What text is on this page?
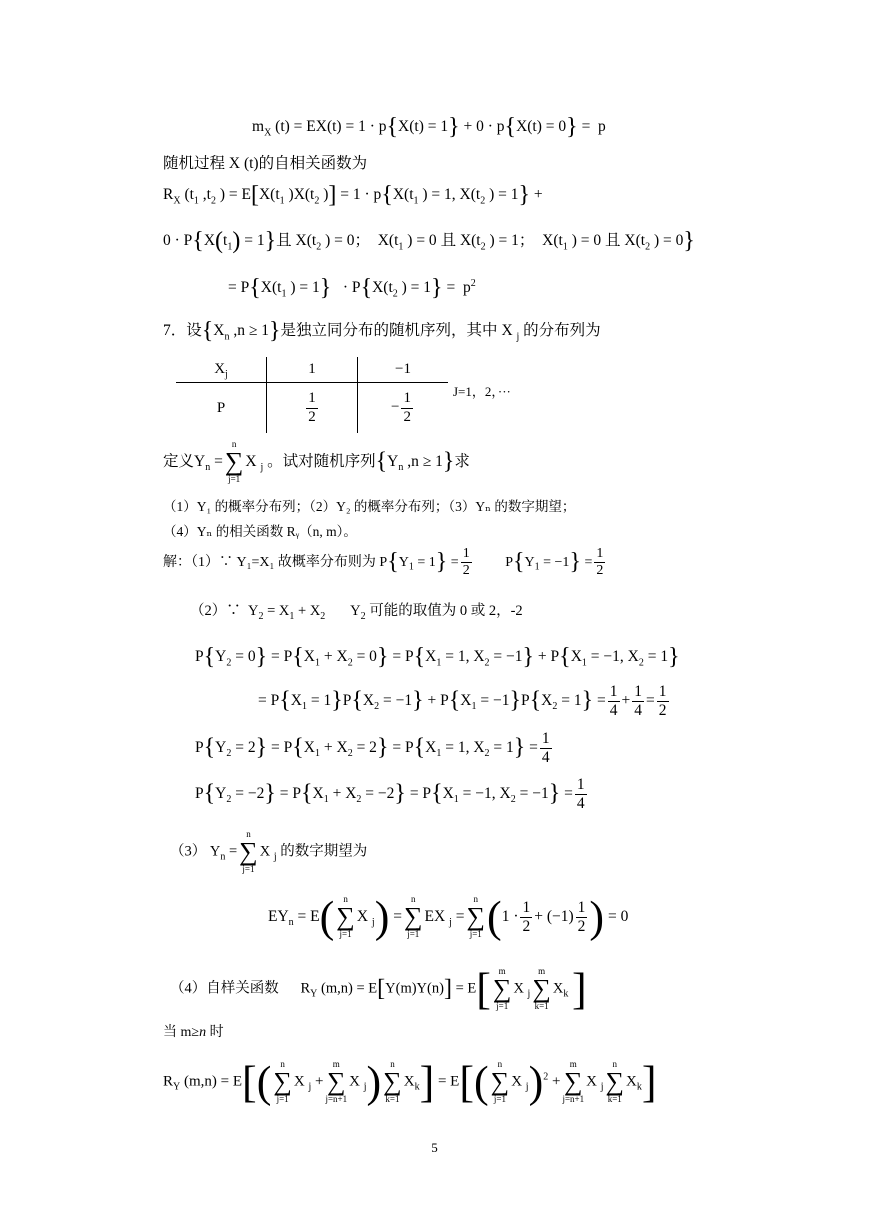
$m_X$ (t) = EX(t) = 1 · p{X(t) = 1} + 0 · p{X(t) = 0} =  p
随机过程 X (t)的自相关函数为
$R_X$ ($t_1$ $,t_2$ ) = $E[X(t_1$ )$X(t_2$ )] = $1 \cdot p\{X(t_1$ ) = 1, $X(t_2$ ) = 1} +
$0 \cdot P\{X(t_1) = 1\}$且 $X(t_2$ ) = 0；  $X(t_1$ ) = 0 且 $X(t_2$ ) = 1；  $X(t_1$ ) = 0 且 $X(t_2$ ) = 0}
= $P\{X(t_1$ ) = $1\} \cdot P\{X(t_2$ ) = $1\} = p^2$
7．设{$X_n$ ,n ≥ 1}是独立同分布的随机序列，其中 X $_j$ 的分布列为
$X_j$	1	−1
P	$\frac{1}{2}$	− $\frac{1}{2}$	J=1，2，···
定义$Y_n$ =
n
∑
j=1
X $_j$ 。试对随机序列{$Y_n$ ,n ≥ 1}求
（1）Y₁ 的概率分布列；（2）Y₂ 的概率分布列；（3）Yₙ 的数字期望；
（4）Yₙ 的相关函数 Rᵧ（n, m）。
解：（1）∵ Y₁=X₁ 故概率分布则为 $P\{Y_1 = 1\} = \frac{1}{2} P\{Y_1 = -1\} = \frac{1}{2}$
（2）∵  $Y_2 = X_1 + X_2$       $Y_2$ 可能的取值为 0 或 2，-2
$P\{Y_2 = 0\} = P\{X_1 + X_2 = 0\} = P\{X_1 = 1$, $X_2 = -1\} + P\{X_1 = -1$, $X_2 = 1$}
= $P\{X_1 = 1\}P\{X_2 = -1\} + P\{X_1 = -1\}P\{X_2 = 1\} = \frac{1}{4} + \frac{1}{4} = \frac{1}{2}$
$P\{Y_2 = 2\} = P\{X_1 + X_2 = 2\} = P\{X_1 = 1$, $X_2 = 1\} = \frac{1}{4}$
$P\{Y_2 = -2\} = P\{X_1 + X_2 = -2\} = P\{X_1 = -1$, $X_2 = -1\} = \frac{1}{4}$
（3） $Y_n$ =
n
∑
j=1
X $_j$ 的数字期望为
$EY_n = E$(	n
∑
j=1
X $_j$) =
n
∑
j=1
EX $_j$ =
n
∑
j=1 ($1 \cdot \frac{1}{2} + (-1) \frac{1}{2}$ ) = 0
（4）自样关函数      $R_Y$ (m,n) = E[Y(m)Y(n)] = E[ m
∑
j=1
X $_j$
m
∑
k=1
$X_k$ ]
当 m≥n 时
$R_Y$ (m,n) = E[(	n
∑
j=1
X $_j$ +
m
∑
j=n+1
X $_j$)	n
∑
k=1
$X_k] = E$[(	n
∑
j=1
X $_j$)$^2$ +
m
∑
j=n+1
X $_j$
n
∑
k=1
$X_k$]
5
